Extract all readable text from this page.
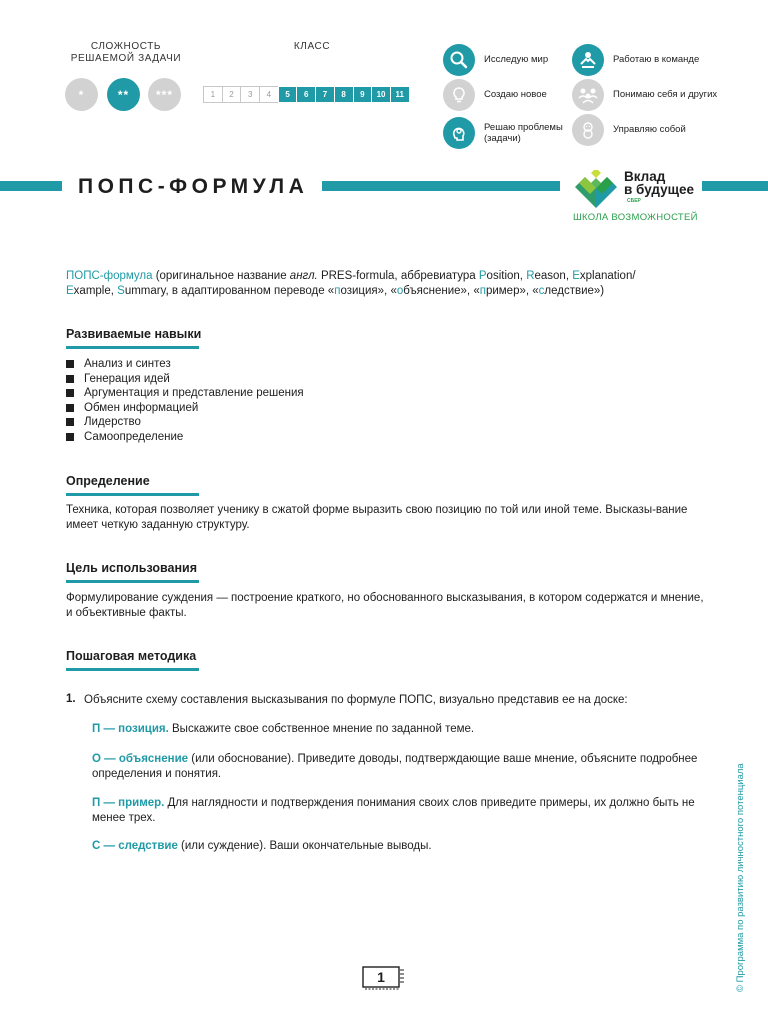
СЛОЖНОСТЬ РЕШАЕМОЙ ЗАДАЧИ
*	**	***
КЛАСС
1	2	3	4	5	6	7	8	9	10	11
Исследую мир	Работаю в команде
Создаю новое	Понимаю себя и других
Решаю проблемы (задачи)
Управляю собой
ПОПС-ФОРМУЛА	Вклад
в будущее
СБЕР
ШКОЛА ВОЗМОЖНОСТЕЙ
ПОПС-формула (оригинальное название англ. PRES-formula, аббревиатура Position, Reason, Explanation/
Example, Summary, в адаптированном переводе «позиция», «объяснение», «пример», «следствие»)
Развиваемые навыки
Анализ и синтез
Генерация идей
Аргументация и представление решения
Обмен информацией
Лидерство
Самоопределение
Определение
Техника, которая позволяет ученику в сжатой форме выразить свою позицию по той или иной теме. Высказы-вание имеет четкую заданную структуру.
Цель использования
Формулирование суждения — построение краткого, но обоснованного высказывания, в котором содержатся и мнение, и объективные факты.
Пошаговая методика
1. Объясните схему составления высказывания по формуле ПОПС, визуально представив ее на доске:
П — позиция. Выскажите свое собственное мнение по заданной теме.
О — объяснение (или обоснование). Приведите доводы, подтверждающие ваше мнение, объясните подробнее определения и понятия.
П — пример. Для наглядности и подтверждения понимания своих слов приведите примеры, их должно быть не менее трех.
С — следствие (или суждение). Ваши окончательные выводы.	© Программа по развитию личностного потенциала
1
